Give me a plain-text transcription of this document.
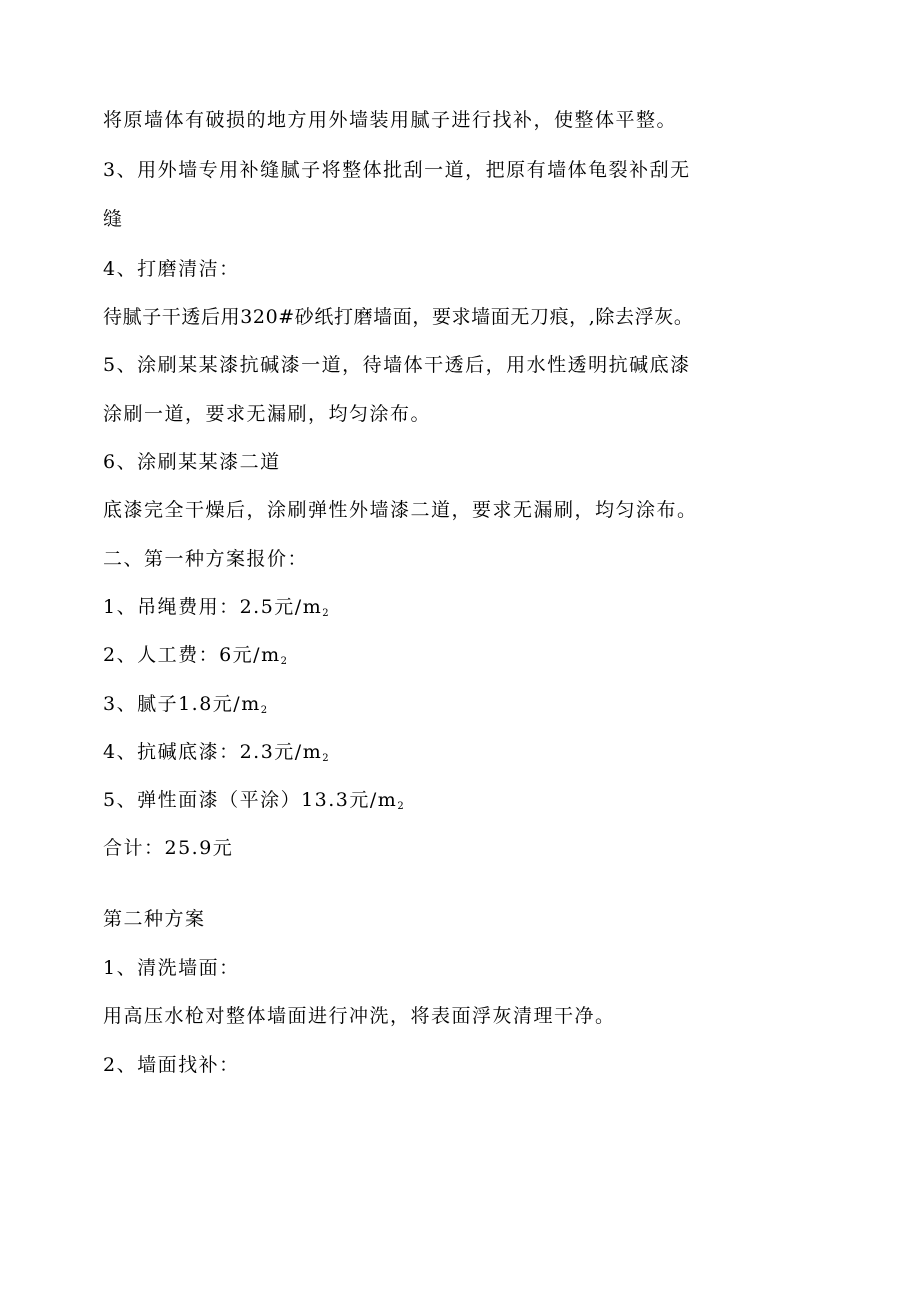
将原墙体有破损的地方用外墙装用腻子进行找补，使整体平整。
3、用外墙专用补缝腻子将整体批刮一道，把原有墙体龟裂补刮无
缝
4、打磨清洁：
待腻子干透后用320#砂纸打磨墙面，要求墙面无刀痕，,除去浮灰。
5、涂刷某某漆抗碱漆一道，待墙体干透后，用水性透明抗碱底漆
涂刷一道，要求无漏刷，均匀涂布。
6、涂刷某某漆二道
底漆完全干燥后，涂刷弹性外墙漆二道，要求无漏刷，均匀涂布。
二、第一种方案报价：
1、吊绳费用：2.5元$/m_2$
2、人工费：6元$/m_2$
3、腻子1.8元$/m_2$
4、抗碱底漆：2.3元$/m_2$
5、弹性面漆（平涂）13.3元$/m_2$
合计：25.9元
第二种方案
1、清洗墙面：
用高压水枪对整体墙面进行冲洗，将表面浮灰清理干净。
2、墙面找补：
